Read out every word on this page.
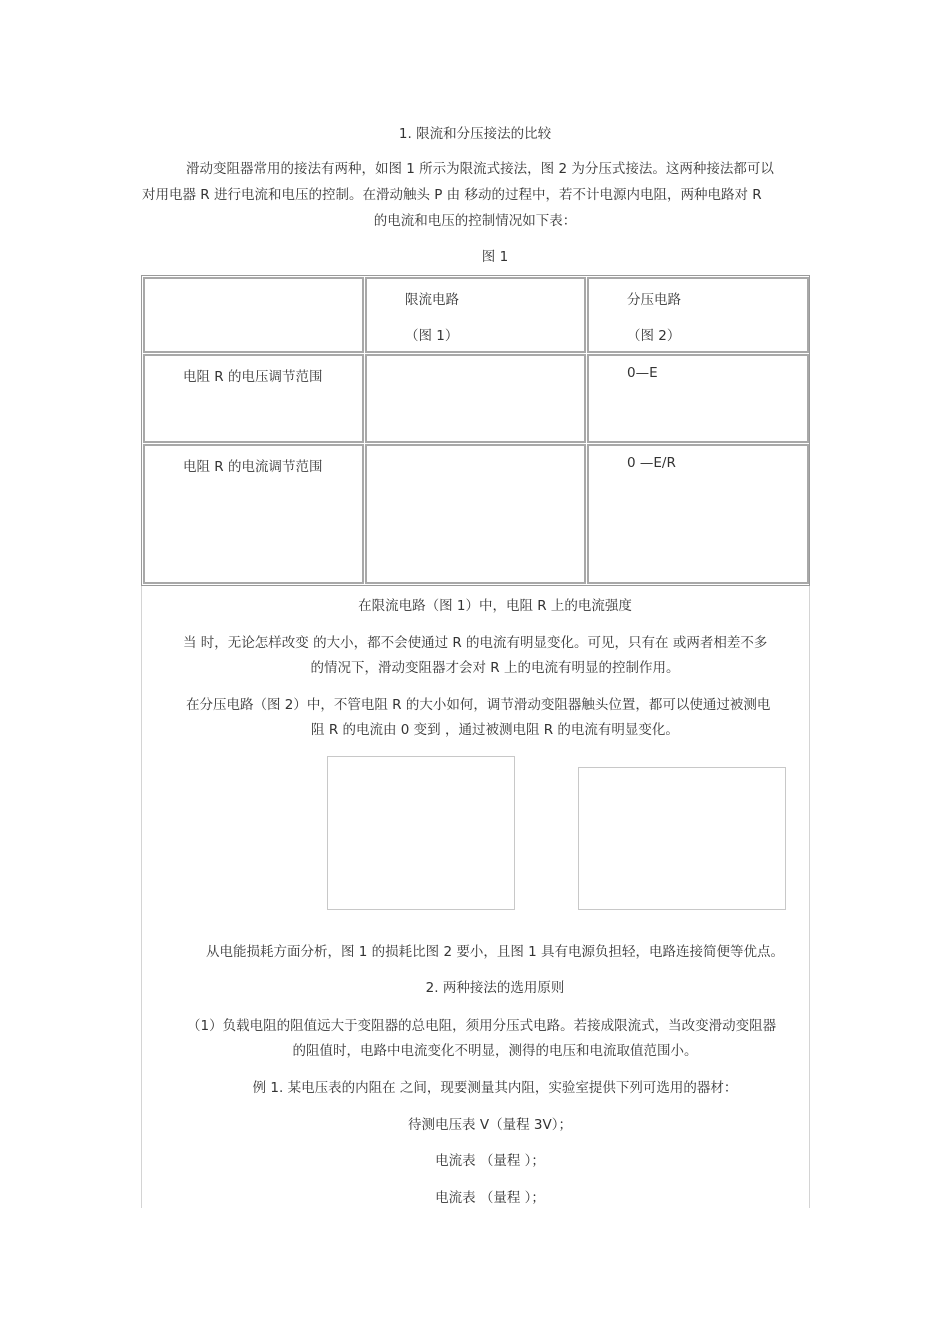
1. 限流和分压接法的比较
滑动变阻器常用的接法有两种，如图 1 所示为限流式接法，图 2 为分压式接法。这两种接法都可以
对用电器 R 进行电流和电压的控制。在滑动触头 P 由 移动的过程中，若不计电源内电阻，两种电路对 R
的电流和电压的控制情况如下表：
图 1
限流电路
（图 1）
分压电路
（图 2）
电阻 R 的电压调节范围	0—E
电阻 R 的电流调节范围	0 —E/R
在限流电路（图 1）中，电阻 R 上的电流强度
当 时，无论怎样改变 的大小，都不会使通过 R 的电流有明显变化。可见，只有在 或两者相差不多
的情况下，滑动变阻器才会对 R 上的电流有明显的控制作用。
在分压电路（图 2）中，不管电阻 R 的大小如何，调节滑动变阻器触头位置，都可以使通过被测电
阻 R 的电流由 0 变到 ，通过被测电阻 R 的电流有明显变化。
从电能损耗方面分析，图 1 的损耗比图 2 要小，且图 1 具有电源负担轻，电路连接简便等优点。
2. 两种接法的选用原则
（1）负载电阻的阻值远大于变阻器的总电阻，须用分压式电路。若接成限流式，当改变滑动变阻器
的阻值时，电路中电流变化不明显，测得的电压和电流取值范围小。
例 1. 某电压表的内阻在 之间，现要测量其内阻，实验室提供下列可选用的器材：
待测电压表 V（量程 3V）；
电流表 （量程 ）；
电流表 （量程 ）；
